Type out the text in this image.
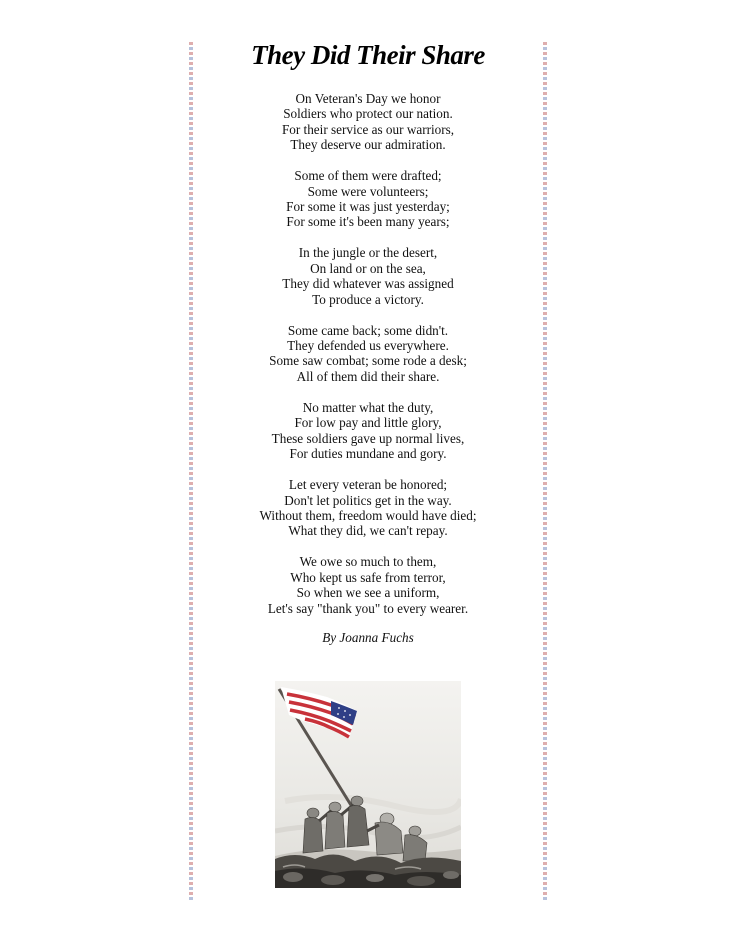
They Did Their Share
On Veteran's Day we honor
Soldiers who protect our nation.
For their service as our warriors,
They deserve our admiration.
Some of them were drafted;
Some were volunteers;
For some it was just yesterday;
For some it's been many years;
In the jungle or the desert,
On land or on the sea,
They did whatever was assigned
To produce a victory.
Some came back; some didn't.
They defended us everywhere.
Some saw combat; some rode a desk;
All of them did their share.
No matter what the duty,
For low pay and little glory,
These soldiers gave up normal lives,
For duties mundane and gory.
Let every veteran be honored;
Don't let politics get in the way.
Without them, freedom would have died;
What they did, we can't repay.
We owe so much to them,
Who kept us safe from terror,
So when we see a uniform,
Let's say "thank you" to every wearer.
By Joanna Fuchs
